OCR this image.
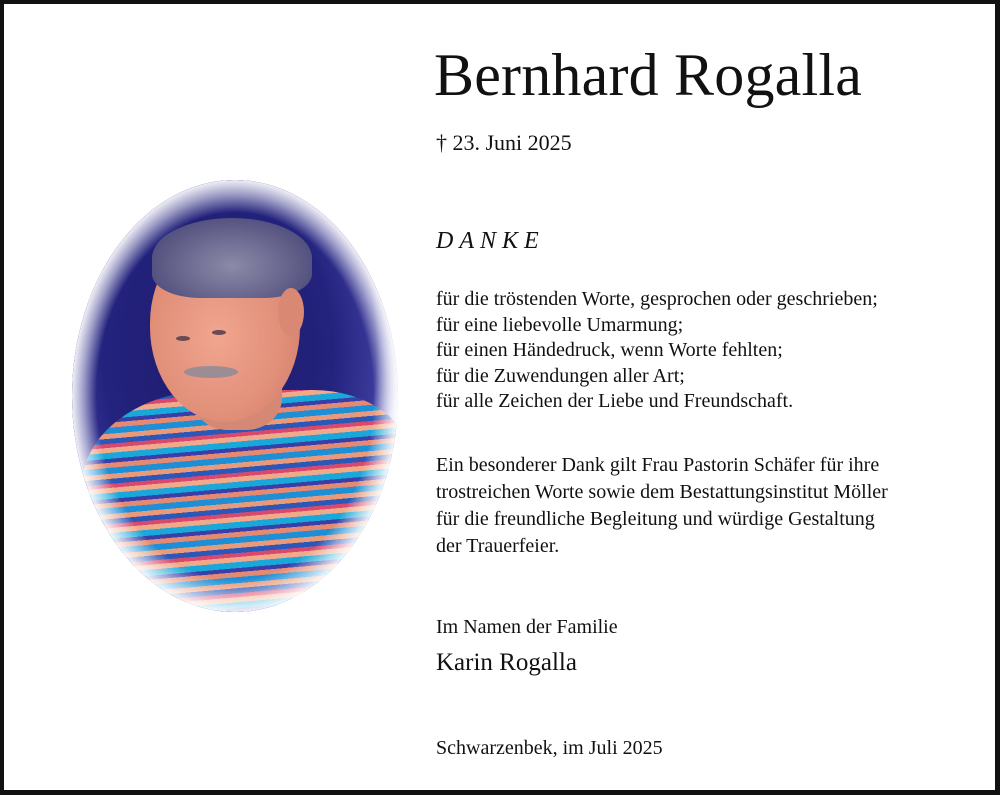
Bernhard Rogalla
† 23. Juni 2025
DANKE
für die tröstenden Worte, gesprochen oder geschrieben;
für eine liebevolle Umarmung;
für einen Händedruck, wenn Worte fehlten;
für die Zuwendungen aller Art;
für alle Zeichen der Liebe und Freundschaft.
Ein besonderer Dank gilt Frau Pastorin Schäfer für ihre
trostreichen Worte sowie dem Bestattungsinstitut Möller
für die freundliche Begleitung und würdige Gestaltung
der Trauerfeier.
Im Namen der Familie
Karin Rogalla
Schwarzenbek, im Juli 2025
